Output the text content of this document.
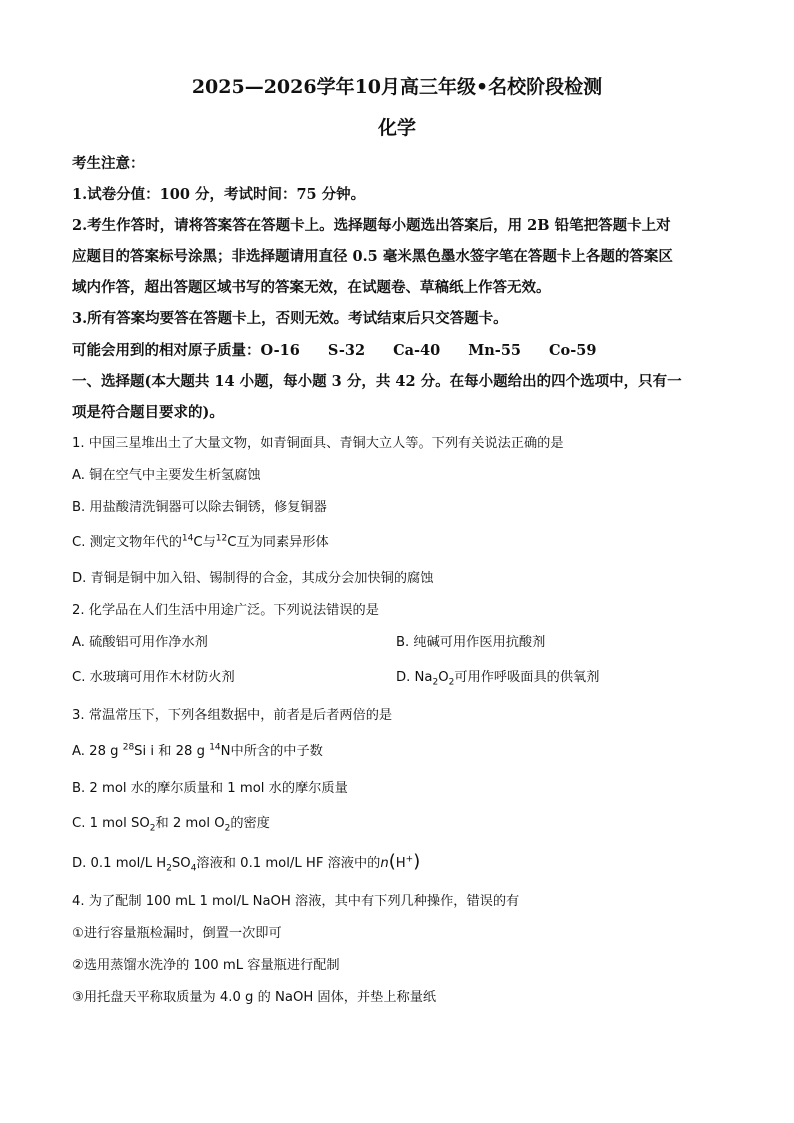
2025—2026学年10月高三年级•名校阶段检测
化学
考生注意：
1.试卷分值：100 分，考试时间：75 分钟。
2.考生作答时，请将答案答在答题卡上。选择题每小题选出答案后，用 2B 铅笔把答题卡上对
应题目的答案标号涂黑；非选择题请用直径 0.5 毫米黑色墨水签字笔在答题卡上各题的答案区
域内作答，超出答题区域书写的答案无效，在试题卷、草稿纸上作答无效。
3.所有答案均要答在答题卡上，否则无效。考试结束后只交答题卡。
可能会用到的相对原子质量：O-16 S-32 Ca-40 Mn-55 Co-59
一、选择题(本大题共 14 小题，每小题 3 分，共 42 分。在每小题给出的四个选项中，只有一
项是符合题目要求的)。
1. 中国三星堆出土了大量文物，如青铜面具、青铜大立人等。下列有关说法正确的是
A. 铜在空气中主要发生析氢腐蚀
B. 用盐酸清洗铜器可以除去铜锈，修复铜器
C. 测定文物年代的$^{14}$C与$^{12}$C互为同素异形体
D. 青铜是铜中加入铅、锡制得的合金，其成分会加快铜的腐蚀
2. 化学品在人们生活中用途广泛。下列说法错误的是
A. 硫酸铝可用作净水剂	B. 纯碱可用作医用抗酸剂
C. 水玻璃可用作木材防火剂	D. $Na_2O_2$可用作呼吸面具的供氧剂
3. 常温常压下，下列各组数据中，前者是后者两倍的是
A. 28 g $^{28}$Si i 和 28 g $^{14}$N中所含的中子数
B. 2 mol 水的摩尔质量和 1 mol 水的摩尔质量
C. 1 mol $SO_2$和 2 mol $O_2$的密度
D. 0.1 mol/L $H_2SO_4$溶液和 0.1 mol/L HF 溶液中的n(H+)
4. 为了配制 100 mL 1 mol/L NaOH 溶液，其中有下列几种操作，错误的有
①进行容量瓶检漏时，倒置一次即可
②选用蒸馏水洗净的 100 mL 容量瓶进行配制
③用托盘天平称取质量为 4.0 g 的 NaOH 固体，并垫上称量纸
